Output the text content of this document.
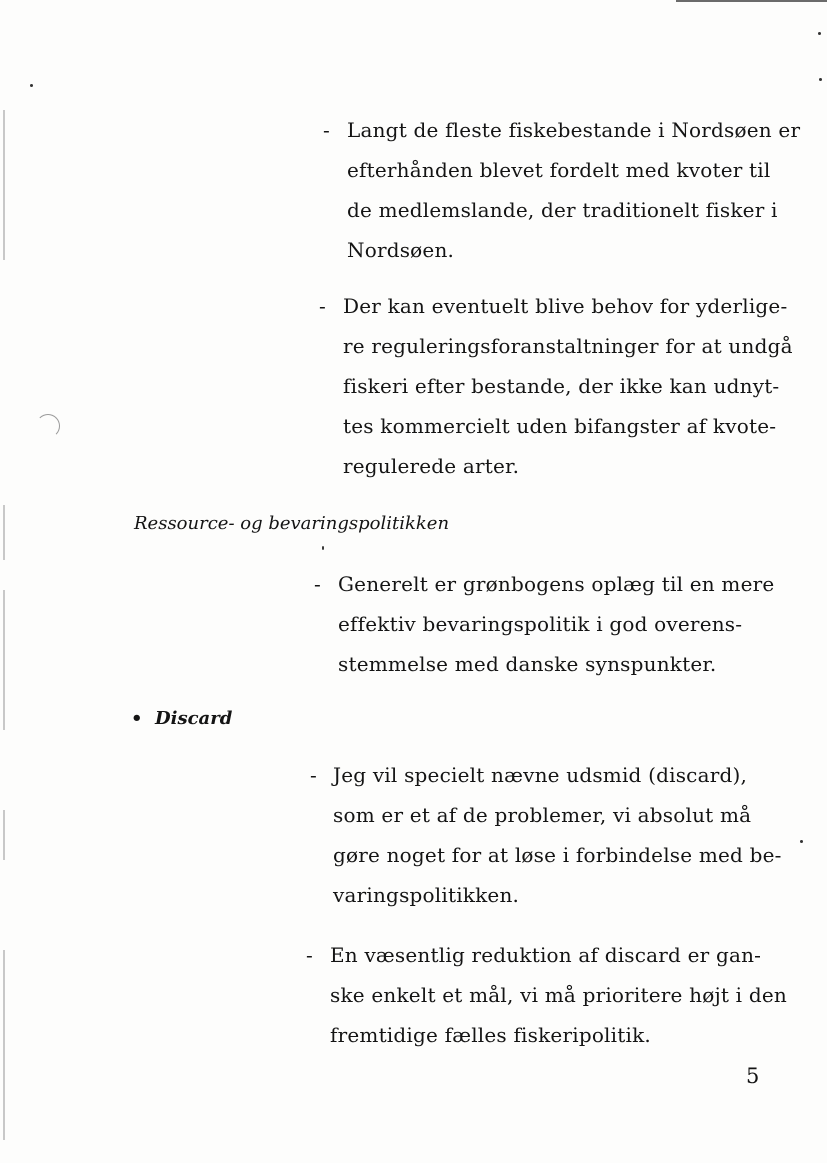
- Langt de fleste fiskebestande i Nordsøen er
efterhånden blevet fordelt med kvoter til
de medlemslande, der traditionelt fisker i
Nordsøen.

- Der kan eventuelt blive behov for yderlige-
re reguleringsforanstaltninger for at undgå
fiskeri efter bestande, der ikke kan udnyt-
tes kommercielt uden bifangster af kvote-
regulerede arter.

Ressource- og bevaringspolitikken
- Generelt er grønbogens oplæg til en mere
effektiv bevaringspolitik i god overens-
stemmelse med danske synspunkter.

• Discard
- Jeg vil specielt nævne udsmid (discard),
som er et af de problemer, vi absolut må
gøre noget for at løse i forbindelse med be-
varingspolitikken.

- En væsentlig reduktion af discard er gan-
ske enkelt et mål, vi må prioritere højt i den
fremtidige fælles fiskeripolitik.

5
